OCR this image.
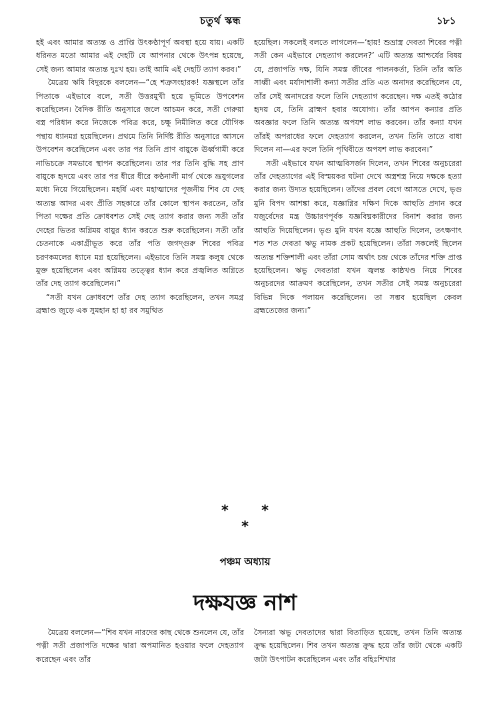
চতুর্থ স্কন্ধ	১৮১

হই এবং আমার অত্যন্ত ও প্রাপ্তি উৎকণ্ঠাপূর্ণ অবস্থা হয়ে যায়। একটি ধরিনত মতো আমার এই দেহটি যে আপনার থেকে উৎপন্ন হয়েছে, সেই জন্য আমার অত্যন্ত দুঃখ হয়। তাই আমি এই দেহটি ত্যাগ করব।”

মৈত্রেয় ঋষি বিদুরকে বললেন—“হে শত্রুসংহারক! যজ্ঞস্থলে তাঁর পিতাকে এইভাবে বলে, সতী উত্তরমুখী হয়ে ভূমিতে উপবেশন করেছিলেন। বৈদিক রীতি অনুসারে জলে আচমন করে, সতী গেরুয়া বস্ত্র পরিধান করে নিজেকে পবিত্র করে, চক্ষু নিমীলিত করে যৌগিক পন্থায় ধ্যানমগ্ন হয়েছিলেন। প্রথমে তিনি নির্দিষ্ট রীতি অনুসারে আসনে উপবেশন করেছিলেন এবং তার পর তিনি প্রাণ বায়ুকে ঊর্ধ্বগামী করে নাভিচক্রে সমভাবে স্থাপন করেছিলেন। তার পর তিনি বুদ্ধি সহ প্রাণ বায়ুকে হৃদয়ে এবং তার পর ধীরে ধীরে কণ্ঠনালী মার্গ থেকে ভ্রূযুগলের মধ্যে নিয়ে গিয়েছিলেন। মহর্ষি এবং মহাত্মাদের পূজনীয় শিব যে দেহ অত্যন্ত আদর এবং প্রীতি সহকারে তাঁর কোলে স্থাপন করতেন, তাঁর পিতা দক্ষের প্রতি ক্রোধবশত সেই দেহ ত্যাগ করার জন্য সতী তাঁর দেহের ভিতর অগ্নিময় বায়ুর ধ্যান করতে শুরু করেছিলেন। সতী তাঁর চেতনাকে একাগ্রীভূত করে তাঁর পতি জগদ্গুরু শিবের পবিত্র চরণকমলের ধ্যানে মগ্ন হয়েছিলেন। এইভাবে তিনি সমস্ত কলুষ থেকে মুক্ত হয়েছিলেন এবং অগ্নিময় তত্ত্বের ধ্যান করে প্রজ্বলিত অগ্নিতে তাঁর দেহ ত্যাগ করেছিলেন।”

“সতী যখন ক্রোধবশে তাঁর দেহ ত্যাগ করেছিলেন, তখন সমগ্র ব্রহ্মাণ্ড জুড়ে এক সুমহান হা হা রব সমুত্থিত

হয়েছিল। সকলেই বলতে লাগলেন—‘হায়! শুভ্রাস্ত্ৰ দেবতা শিবের পত্নী সতী কেন এইভাবে দেহত্যাগ করলেন?’ এটি অত্যন্ত আশ্চর্যের বিষয় যে, প্রজাপতি দক্ষ, যিনি সমস্ত জীবের পালনকর্তা, তিনি তাঁর অতি সাধ্বী এবং মর্যাদাশালী কন্যা সতীর প্রতি এত অনাদর করেছিলেন যে, তাঁর সেই অনাদরের ফলে তিনি দেহত্যাগ করেছেন। দক্ষ এতই কঠোর হৃদয় যে, তিনি ব্রাহ্মণ হবার অযোগ্য। তাঁর আপন কন্যার প্রতি অবজ্ঞার ফলে তিনি অত্যন্ত অপযশ লাভ করবেন। তাঁর কন্যা যখন তাঁরই অপরাধের ফলে দেহত্যাগ করলেন, তখন তিনি তাতে বাধা দিলেন না—এর ফলে তিনি পৃথিবীতে অপযশ লাভ করবেন।”

সতী এইভাবে যখন আত্মবিসর্জন দিলেন, তখন শিবের অনুচরেরা তাঁর দেহত্যাগের এই বিস্ময়কর ঘটনা দেখে অস্ত্রশস্ত্র নিয়ে দক্ষকে হত্যা করার জন্য উদ্যত হয়েছিলেন। তাঁদের প্রবল বেগে আসতে দেখে, ভৃগু মুনি বিপদ আশঙ্কা করে, যজ্ঞাগ্নির দক্ষিণ দিকে আহুতি প্রদান করে যজুর্বেদের মন্ত্র উচ্চারণপূর্বক যজ্ঞবিঘ্নকারীদের বিনাশ করার জন্য আহুতি দিয়েছিলেন। ভৃগু মুনি যখন যজ্ঞে আহুতি দিলেন, তৎক্ষণাৎ শত শত দেবতা ঋভু নামক প্রকট হয়েছিলেন। তাঁরা সকলেই ছিলেন অত্যন্ত শক্তিশালী এবং তাঁরা সোম অর্থাৎ চন্দ্র থেকে তাঁদের শক্তি প্রাপ্ত হয়েছিলেন। ঋভু দেবতারা যখন জ্বলন্ত কাষ্ঠখণ্ড নিয়ে শিবের অনুচরদের আক্রমণ করেছিলেন, তখন সতীর সেই সমস্ত অনুচরেরা বিভিন্ন দিকে পলায়ন করেছিলেন। তা সম্ভব হয়েছিল কেবল ব্রহ্মতেজের জন্য।”

* * *
পঞ্চম অধ্যায়
দক্ষযজ্ঞ নাশ

মৈত্রেয় বললেন—“শিব যখন নারদের কাছ থেকে শুনলেন যে, তাঁর পত্নী সতী প্রজাপতি দক্ষের দ্বারা অপমানিত হওয়ার ফলে দেহত্যাগ করেছেন এবং তাঁর

সৈন্যরা ঋভু দেবতাদের দ্বারা বিতাড়িত হয়েছে, তখন তিনি অত্যন্ত ক্রুদ্ধ হয়েছিলেন। শিব তখন অত্যন্ত ক্রুদ্ধ হয়ে তাঁর জটা থেকে একটি জটা উৎপাটন করেছিলেন এবং তাঁর বহিঃশিখার
